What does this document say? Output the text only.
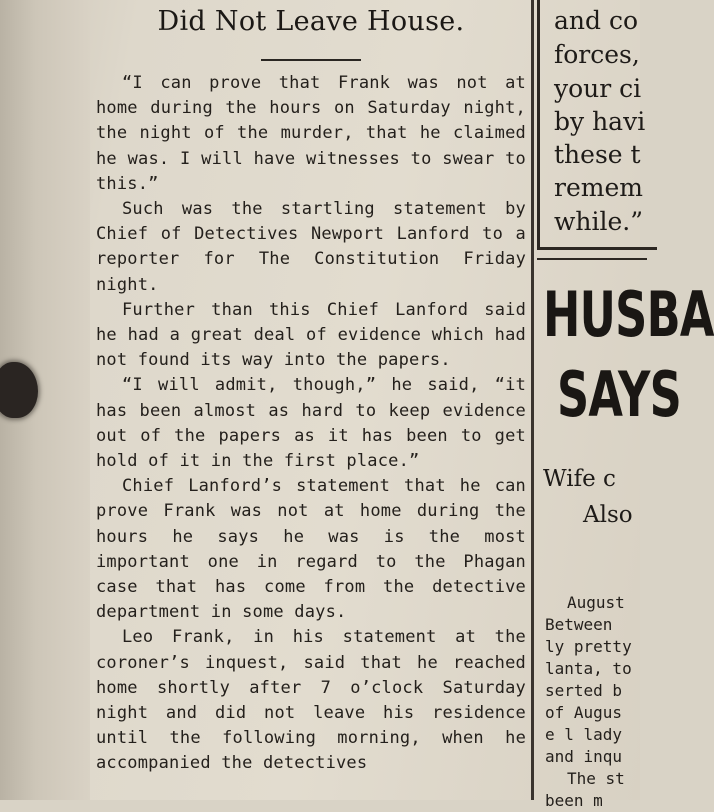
Did Not Leave House.

“I can prove that Frank was not at home during the hours on Saturday night, the night of the murder, that he claimed he was. I will have witnesses to swear to this.”

Such was the startling statement by Chief of Detectives Newport Lanford to a reporter for The Constitution Friday night.

Further than this Chief Lanford said he had a great deal of evidence which had not found its way into the papers.

“I will admit, though,” he said, “it has been almost as hard to keep evidence out of the papers as it has been to get hold of it in the first place.”

Chief Lanford’s statement that he can prove Frank was not at home during the hours he says he was is the most important one in regard to the Phagan case that has come from the detective department in some days.

Leo Frank, in his statement at the coroner’s inquest, said that he reached home shortly after 7 o’clock Saturday night and did not leave his residence until the following morning, when he accompanied the detectives

and co
forces,
your ci
by havi
these t
remem
while.”
HUSBA
SAYS
Wife c
Also
August
Between
ly pretty
lanta, to
serted b
of Augus
e l lady
and inqu
The st
been m
